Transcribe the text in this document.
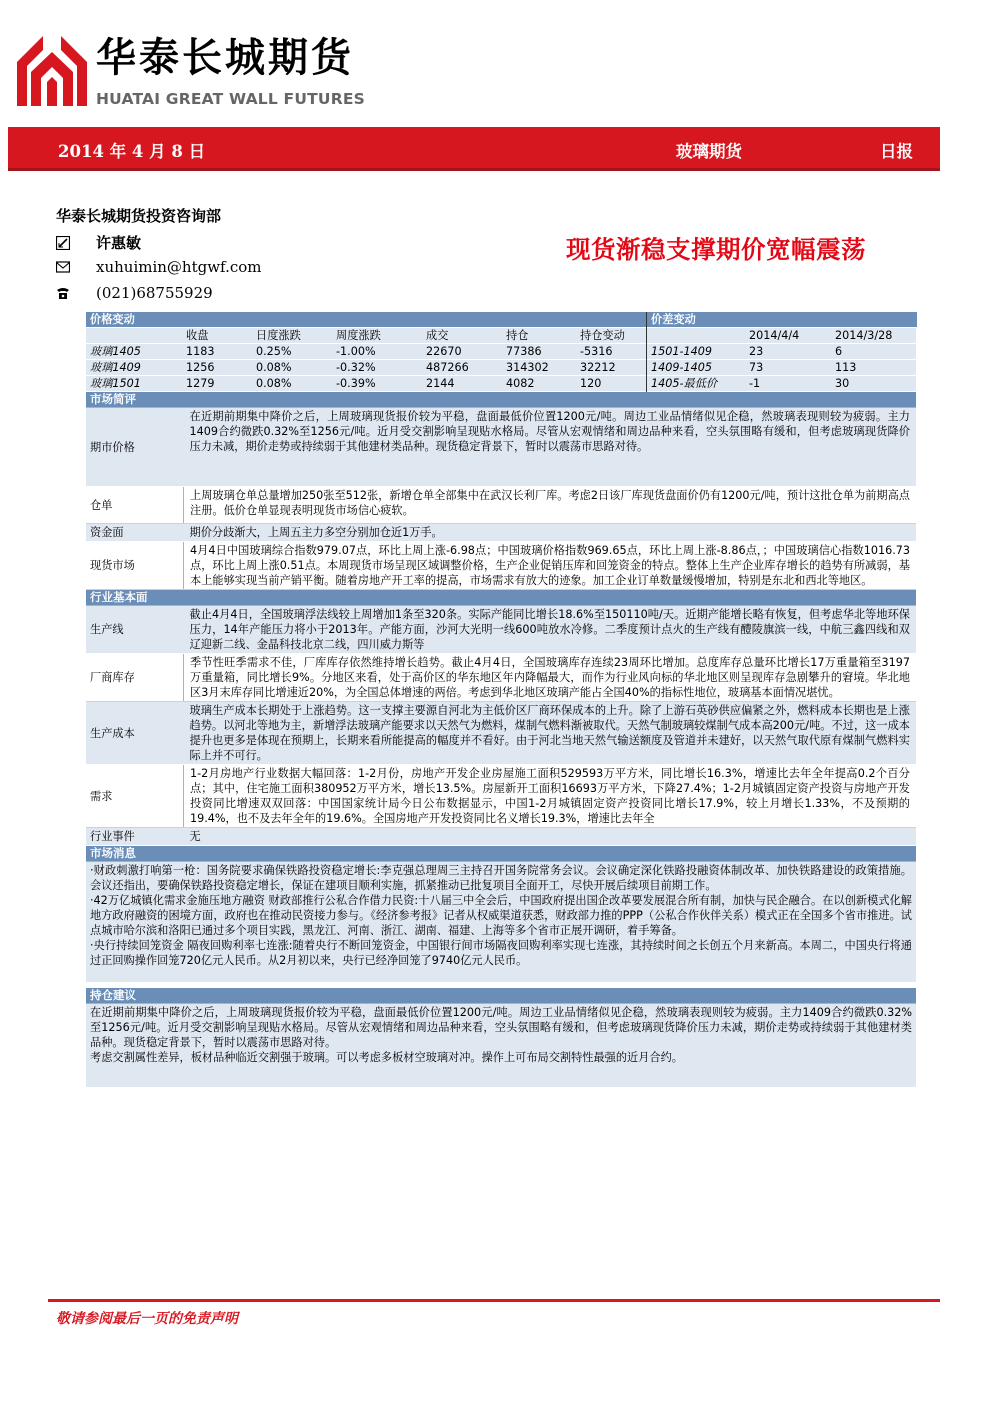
华泰长城期货
HUATAI GREAT WALL FUTURES
2014 年 4 月 8 日	玻璃期货	日报
华泰长城期货投资咨询部
许惠敏
xuhuimin@htgwf.com
(021)68755929
现货渐稳支撑期价宽幅震荡
价格变动						
	收盘	日度涨跌	周度涨跌	成交	持仓	持仓变动
玻璃1405	1183	0.25%	-1.00%	22670	77386	-5316
玻璃1409	1256	0.08%	-0.32%	487266	314302	32212
玻璃1501	1279	0.08%	-0.39%	2144	4082	120
价差变动		
	2014/4/4	2014/3/28
1501-1409	23	6
1409-1405	73	113
1405-最低价	-1	30
市场简评
期市价格	在近期前期集中降价之后，上周玻璃现货报价较为平稳，盘面最低价位置1200元/吨。周边工业品情绪似见企稳，然玻璃表现则较为疲弱。主力1409合约微跌0.32%至1256元/吨。近月受交割影响呈现贴水格局。尽管从宏观情绪和周边品种来看，空头氛围略有缓和，但考虑玻璃现货降价压力未减，期价走势或持续弱于其他建材类品种。现货稳定背景下，暂时以震荡市思路对待。
仓单	上周玻璃仓单总量增加250张至512张，新增仓单全部集中在武汉长利厂库。考虑2日该厂库现货盘面价仍有1200元/吨，预计这批仓单为前期高点注册。低价仓单显现表明现货市场信心疲软。
资金面	期价分歧渐大，上周五主力多空分别加仓近1万手。
现货市场	4月4日中国玻璃综合指数979.07点，环比上周上涨-6.98点；中国玻璃价格指数969.65点，环比上周上涨-8.86点，；中国玻璃信心指数1016.73点，环比上周上涨0.51点。本周现货市场呈现区域调整价格，生产企业促销压库和回笼资金的特点。整体上生产企业库存增长的趋势有所减弱，基本上能够实现当前产销平衡。随着房地产开工率的提高，市场需求有放大的迹象。加工企业订单数量缓慢增加，特别是东北和西北等地区。
行业基本面
生产线	截止4月4日，全国玻璃浮法线较上周增加1条至320条。实际产能同比增长18.6%至150110吨/天。近期产能增长略有恢复，但考虑华北等地环保压力，14年产能压力将小于2013年。产能方面，沙河大光明一线600吨放水冷修。二季度预计点火的生产线有醴陵旗滨一线，中航三鑫四线和双辽迎新二线、金晶科技北京二线，四川威力斯等
厂商库存	季节性旺季需求不佳，厂库库存依然维持增长趋势。截止4月4日，全国玻璃库存连续23周环比增加。总度库存总量环比增长17万重量箱至3197万重量箱，同比增长9%。分地区来看，处于高价区的华东地区年内降幅最大，而作为行业风向标的华北地区则呈现库存急剧攀升的窘境。华北地区3月末库存同比增速近20%，为全国总体增速的两倍。考虑到华北地区玻璃产能占全国40%的指标性地位，玻璃基本面情况堪忧。
生产成本	玻璃生产成本长期处于上涨趋势。这一支撑主要源自河北为主低价区厂商环保成本的上升。除了上游石英砂供应偏紧之外，燃料成本长期也是上涨趋势。以河北等地为主，新增浮法玻璃产能要求以天然气为燃料，煤制气燃料渐被取代。天然气制玻璃较煤制气成本高200元/吨。不过，这一成本提升也更多是体现在预期上，长期来看所能提高的幅度并不看好。由于河北当地天然气输送额度及管道并未建好，以天然气取代原有煤制气燃料实际上并不可行。
需求	1-2月房地产行业数据大幅回落：1-2月份，房地产开发企业房屋施工面积529593万平方米，同比增长16.3%，增速比去年全年提高0.2个百分点；其中，住宅施工面积380952万平方米，增长13.5%。房屋新开工面积16693万平方米，下降27.4%；1-2月城镇固定资产投资与房地产开发投资同比增速双双回落：中国国家统计局今日公布数据显示，中国1-2月城镇固定资产投资同比增长17.9%，较上月增长1.33%，不及预期的19.4%，也不及去年全年的19.6%。全国房地产开发投资同比名义增长19.3%，增速比去年全
行业事件	无
市场消息

·财政刺激打响第一枪：国务院要求确保铁路投资稳定增长:李克强总理周三主持召开国务院常务会议。会议确定深化铁路投融资体制改革、加快铁路建设的政策措施。会议还指出，要确保铁路投资稳定增长，保证在建项目顺利实施，抓紧推动已批复项目全面开工，尽快开展后续项目前期工作。

·42万亿城镇化需求金施压地方融资 财政部推行公私合作借力民资:十八届三中全会后，中国政府提出国企改革要发展混合所有制，加快与民企融合。在以创新模式化解地方政府融资的困境方面，政府也在推动民资接力参与。《经济参考报》记者从权威渠道获悉，财政部力推的PPP（公私合作伙伴关系）模式正在全国多个省市推进。试点城市哈尔滨和洛阳已通过多个项目实践，黑龙江、河南、浙江、湖南、福建、上海等多个省市正展开调研，着手筹备。

·央行持续回笼资金 隔夜回购利率七连涨:随着央行不断回笼资金，中国银行间市场隔夜回购利率实现七连涨，其持续时间之长创五个月来新高。本周二，中国央行将通过正回购操作回笼720亿元人民币。从2月初以来，央行已经净回笼了9740亿元人民币。

持仓建议

在近期前期集中降价之后，上周玻璃现货报价较为平稳，盘面最低价位置1200元/吨。周边工业品情绪似见企稳，然玻璃表现则较为疲弱。主力1409合约微跌0.32%至1256元/吨。近月受交割影响呈现贴水格局。尽管从宏观情绪和周边品种来看，空头氛围略有缓和，但考虑玻璃现货降价压力未减，期价走势或持续弱于其他建材类品种。现货稳定背景下，暂时以震荡市思路对待。

考虑交割属性差异，板材品种临近交割强于玻璃。可以考虑多板材空玻璃对冲。操作上可布局交割特性最强的近月合约。

敬请参阅最后一页的免责声明
